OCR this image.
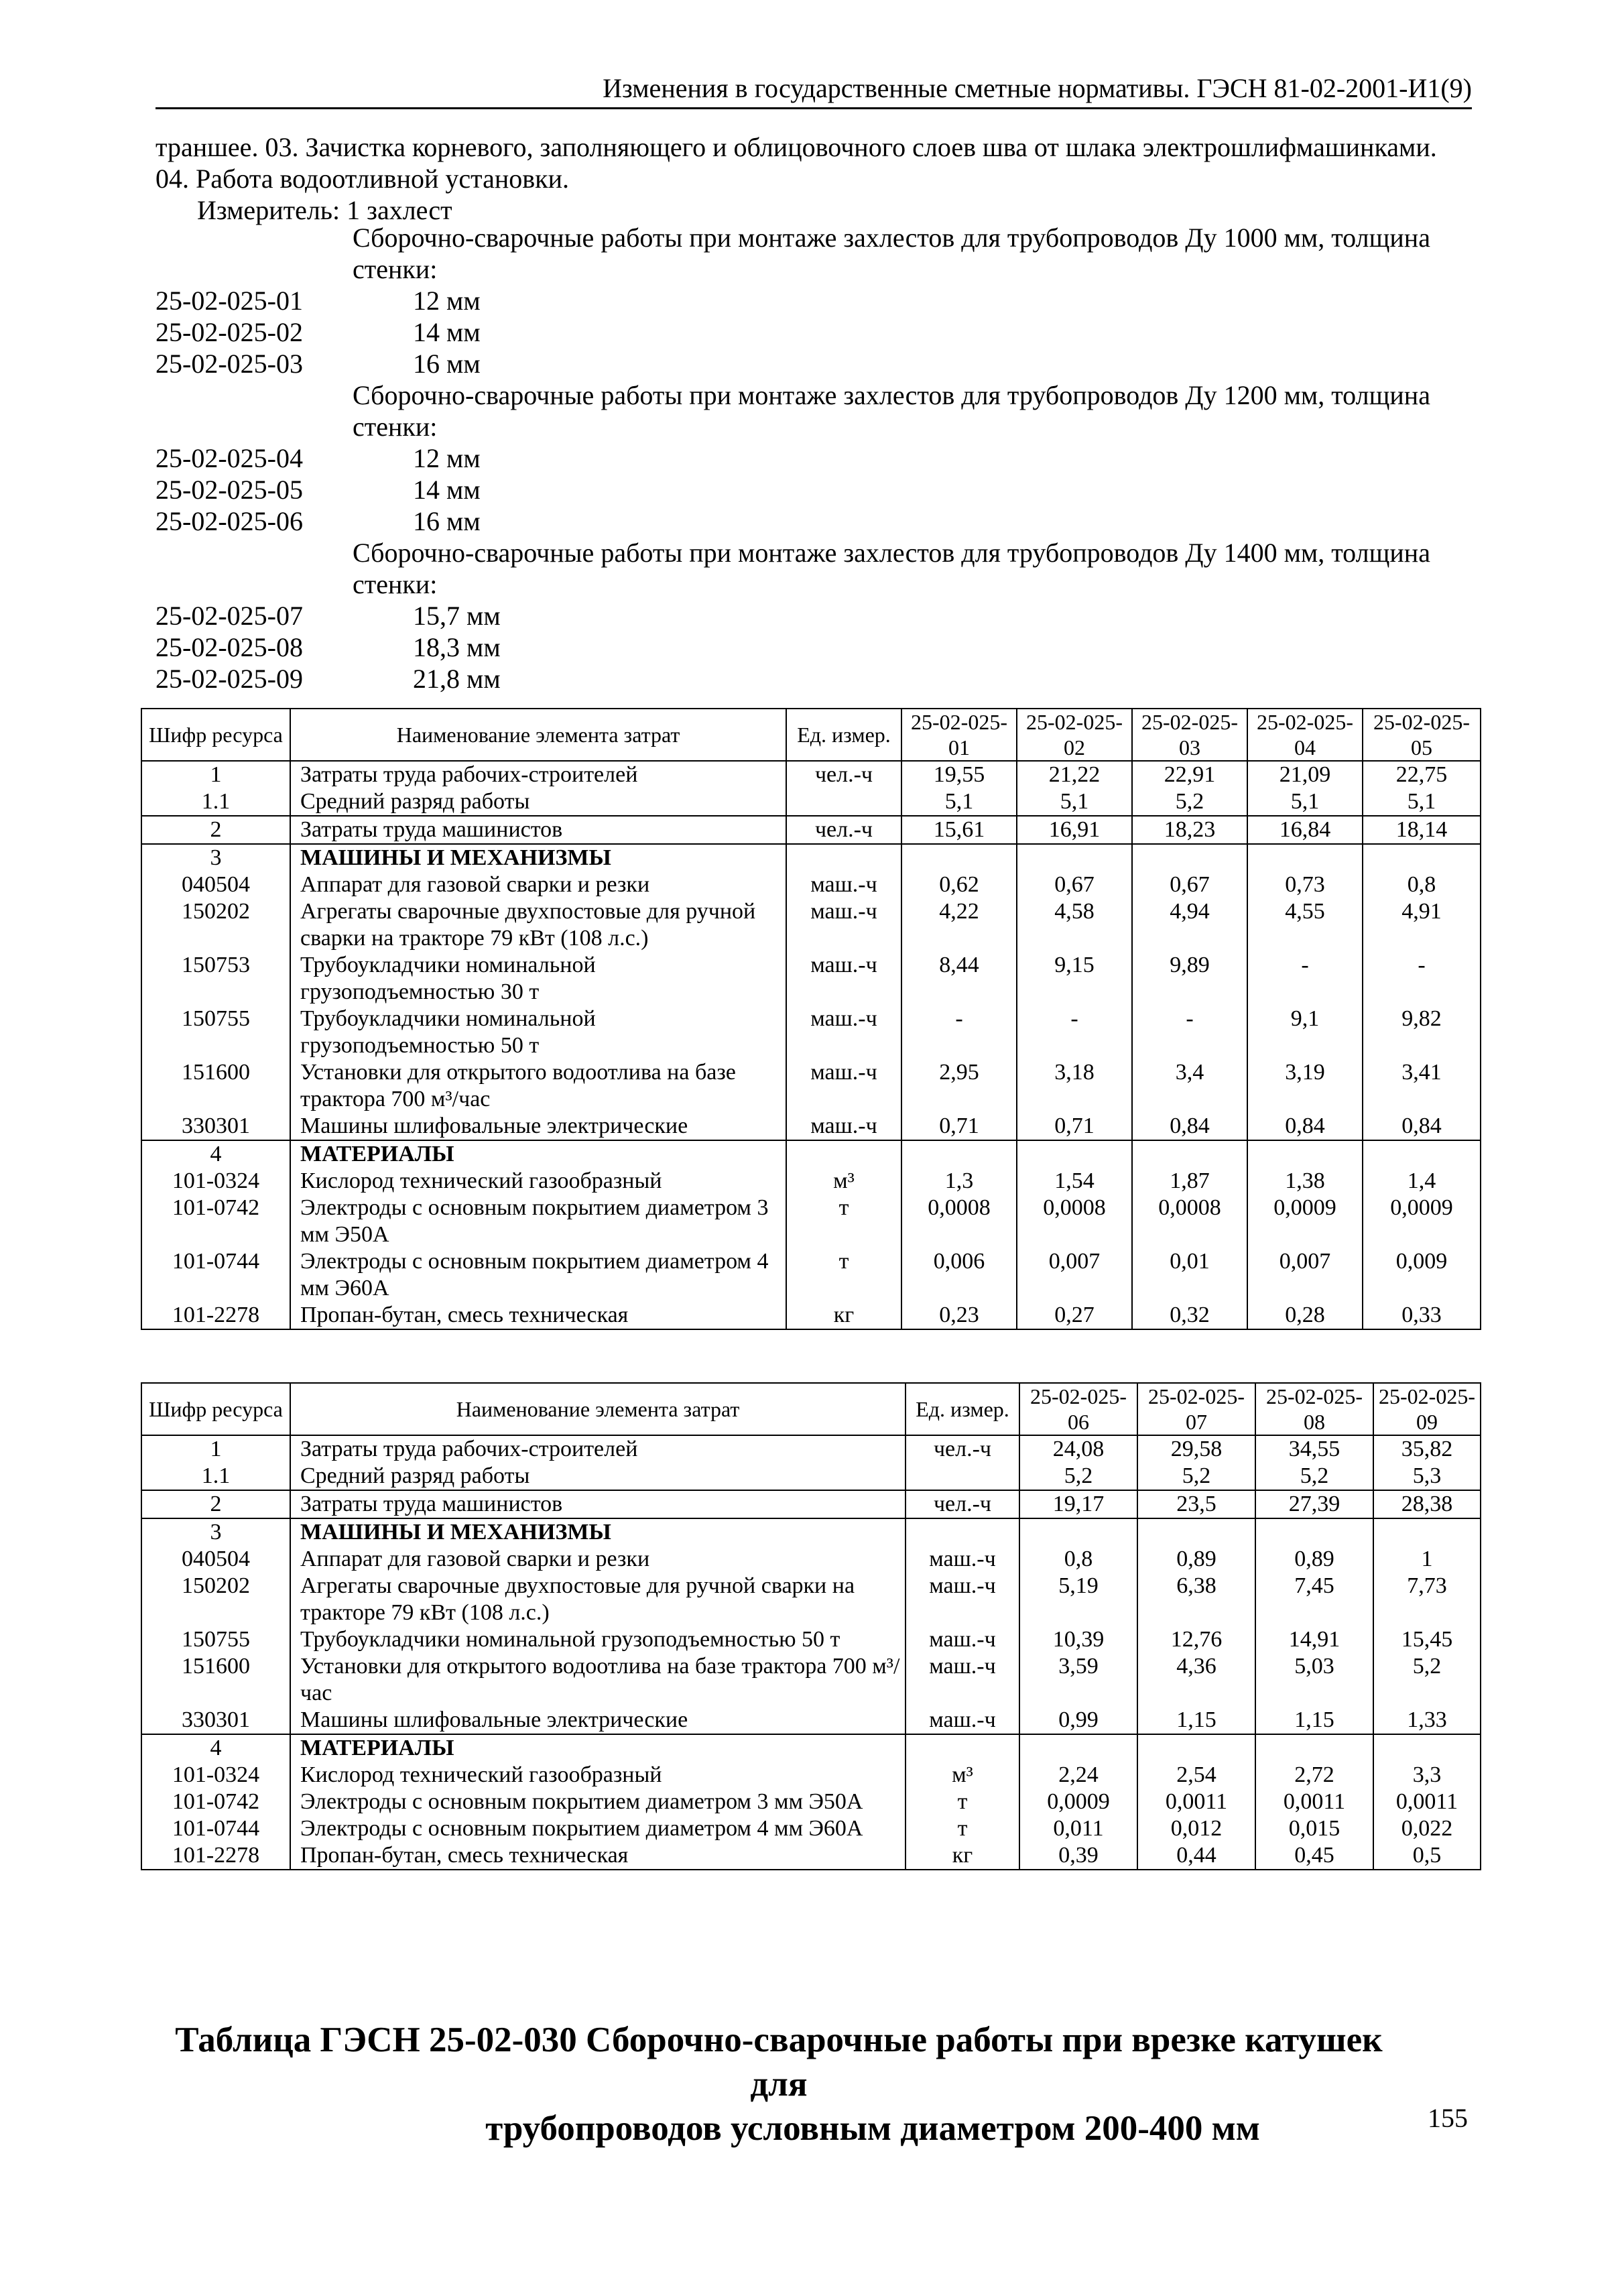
Изменения в государственные сметные нормативы. ГЭСН 81-02-2001-И1(9)

траншее. 03. Зачистка корневого, заполняющего и облицовочного слоев шва от шлака электрошлифмашинками.

04. Работа водоотливной установки.

Измеритель: 1 захлест

Сборочно-сварочные работы при монтаже захлестов для трубопроводов Ду 1000 мм, толщина стенки:
25-02-025-01	12 мм
25-02-025-02	14 мм
25-02-025-03	16 мм
Сборочно-сварочные работы при монтаже захлестов для трубопроводов Ду 1200 мм, толщина стенки:
25-02-025-04	12 мм
25-02-025-05	14 мм
25-02-025-06	16 мм
Сборочно-сварочные работы при монтаже захлестов для трубопроводов Ду 1400 мм, толщина стенки:
25-02-025-07	15,7 мм
25-02-025-08	18,3 мм
25-02-025-09	21,8 мм
Шифр ресурса	Наименование элемента затрат	Ед. измер.	25-02-025-01	25-02-025-02	25-02-025-03	25-02-025-04	25-02-025-05
1	Затраты труда рабочих-строителей	чел.-ч	19,55	21,22	22,91	21,09	22,75
1.1	Средний разряд работы		5,1	5,1	5,2	5,1	5,1
2	Затраты труда машинистов	чел.-ч	15,61	16,91	18,23	16,84	18,14
3	МАШИНЫ И МЕХАНИЗМЫ						
040504	Аппарат для газовой сварки и резки	маш.-ч	0,62	0,67	0,67	0,73	0,8
150202	Агрегаты сварочные двухпостовые для ручной сварки на тракторе 79 кВт (108 л.с.)	маш.-ч	4,22	4,58	4,94	4,55	4,91
150753	Трубоукладчики номинальной грузоподъемностью 30 т	маш.-ч	8,44	9,15	9,89	-	-
150755	Трубоукладчики номинальной грузоподъемностью 50 т	маш.-ч	-	-	-	9,1	9,82
151600	Установки для открытого водоотлива на базе трактора 700 м³/час	маш.-ч	2,95	3,18	3,4	3,19	3,41
330301	Машины шлифовальные электрические	маш.-ч	0,71	0,71	0,84	0,84	0,84
4	МАТЕРИАЛЫ						
101-0324	Кислород технический газообразный	м³	1,3	1,54	1,87	1,38	1,4
101-0742	Электроды с основным покрытием диаметром 3 мм Э50А	т	0,0008	0,0008	0,0008	0,0009	0,0009
101-0744	Электроды с основным покрытием диаметром 4 мм Э60А	т	0,006	0,007	0,01	0,007	0,009
101-2278	Пропан-бутан, смесь техническая	кг	0,23	0,27	0,32	0,28	0,33
Шифр ресурса	Наименование элемента затрат	Ед. измер.	25-02-025-06	25-02-025-07	25-02-025-08	25-02-025-09
1	Затраты труда рабочих-строителей	чел.-ч	24,08	29,58	34,55	35,82
1.1	Средний разряд работы		5,2	5,2	5,2	5,3
2	Затраты труда машинистов	чел.-ч	19,17	23,5	27,39	28,38
3	МАШИНЫ И МЕХАНИЗМЫ					
040504	Аппарат для газовой сварки и резки	маш.-ч	0,8	0,89	0,89	1
150202	Агрегаты сварочные двухпостовые для ручной сварки на тракторе 79 кВт (108 л.с.)	маш.-ч	5,19	6,38	7,45	7,73
150755	Трубоукладчики номинальной грузоподъемностью 50 т	маш.-ч	10,39	12,76	14,91	15,45
151600	Установки для открытого водоотлива на базе трактора 700 м³/час	маш.-ч	3,59	4,36	5,03	5,2
330301	Машины шлифовальные электрические	маш.-ч	0,99	1,15	1,15	1,33
4	МАТЕРИАЛЫ					
101-0324	Кислород технический газообразный	м³	2,24	2,54	2,72	3,3
101-0742	Электроды с основным покрытием диаметром 3 мм Э50А	т	0,0009	0,0011	0,0011	0,0011
101-0744	Электроды с основным покрытием диаметром 4 мм Э60А	т	0,011	0,012	0,015	0,022
101-2278	Пропан-бутан, смесь техническая	кг	0,39	0,44	0,45	0,5
Таблица ГЭСН 25-02-030 Сборочно-сварочные работы при врезке катушек для
трубопроводов условным диаметром 200-400 мм	155
